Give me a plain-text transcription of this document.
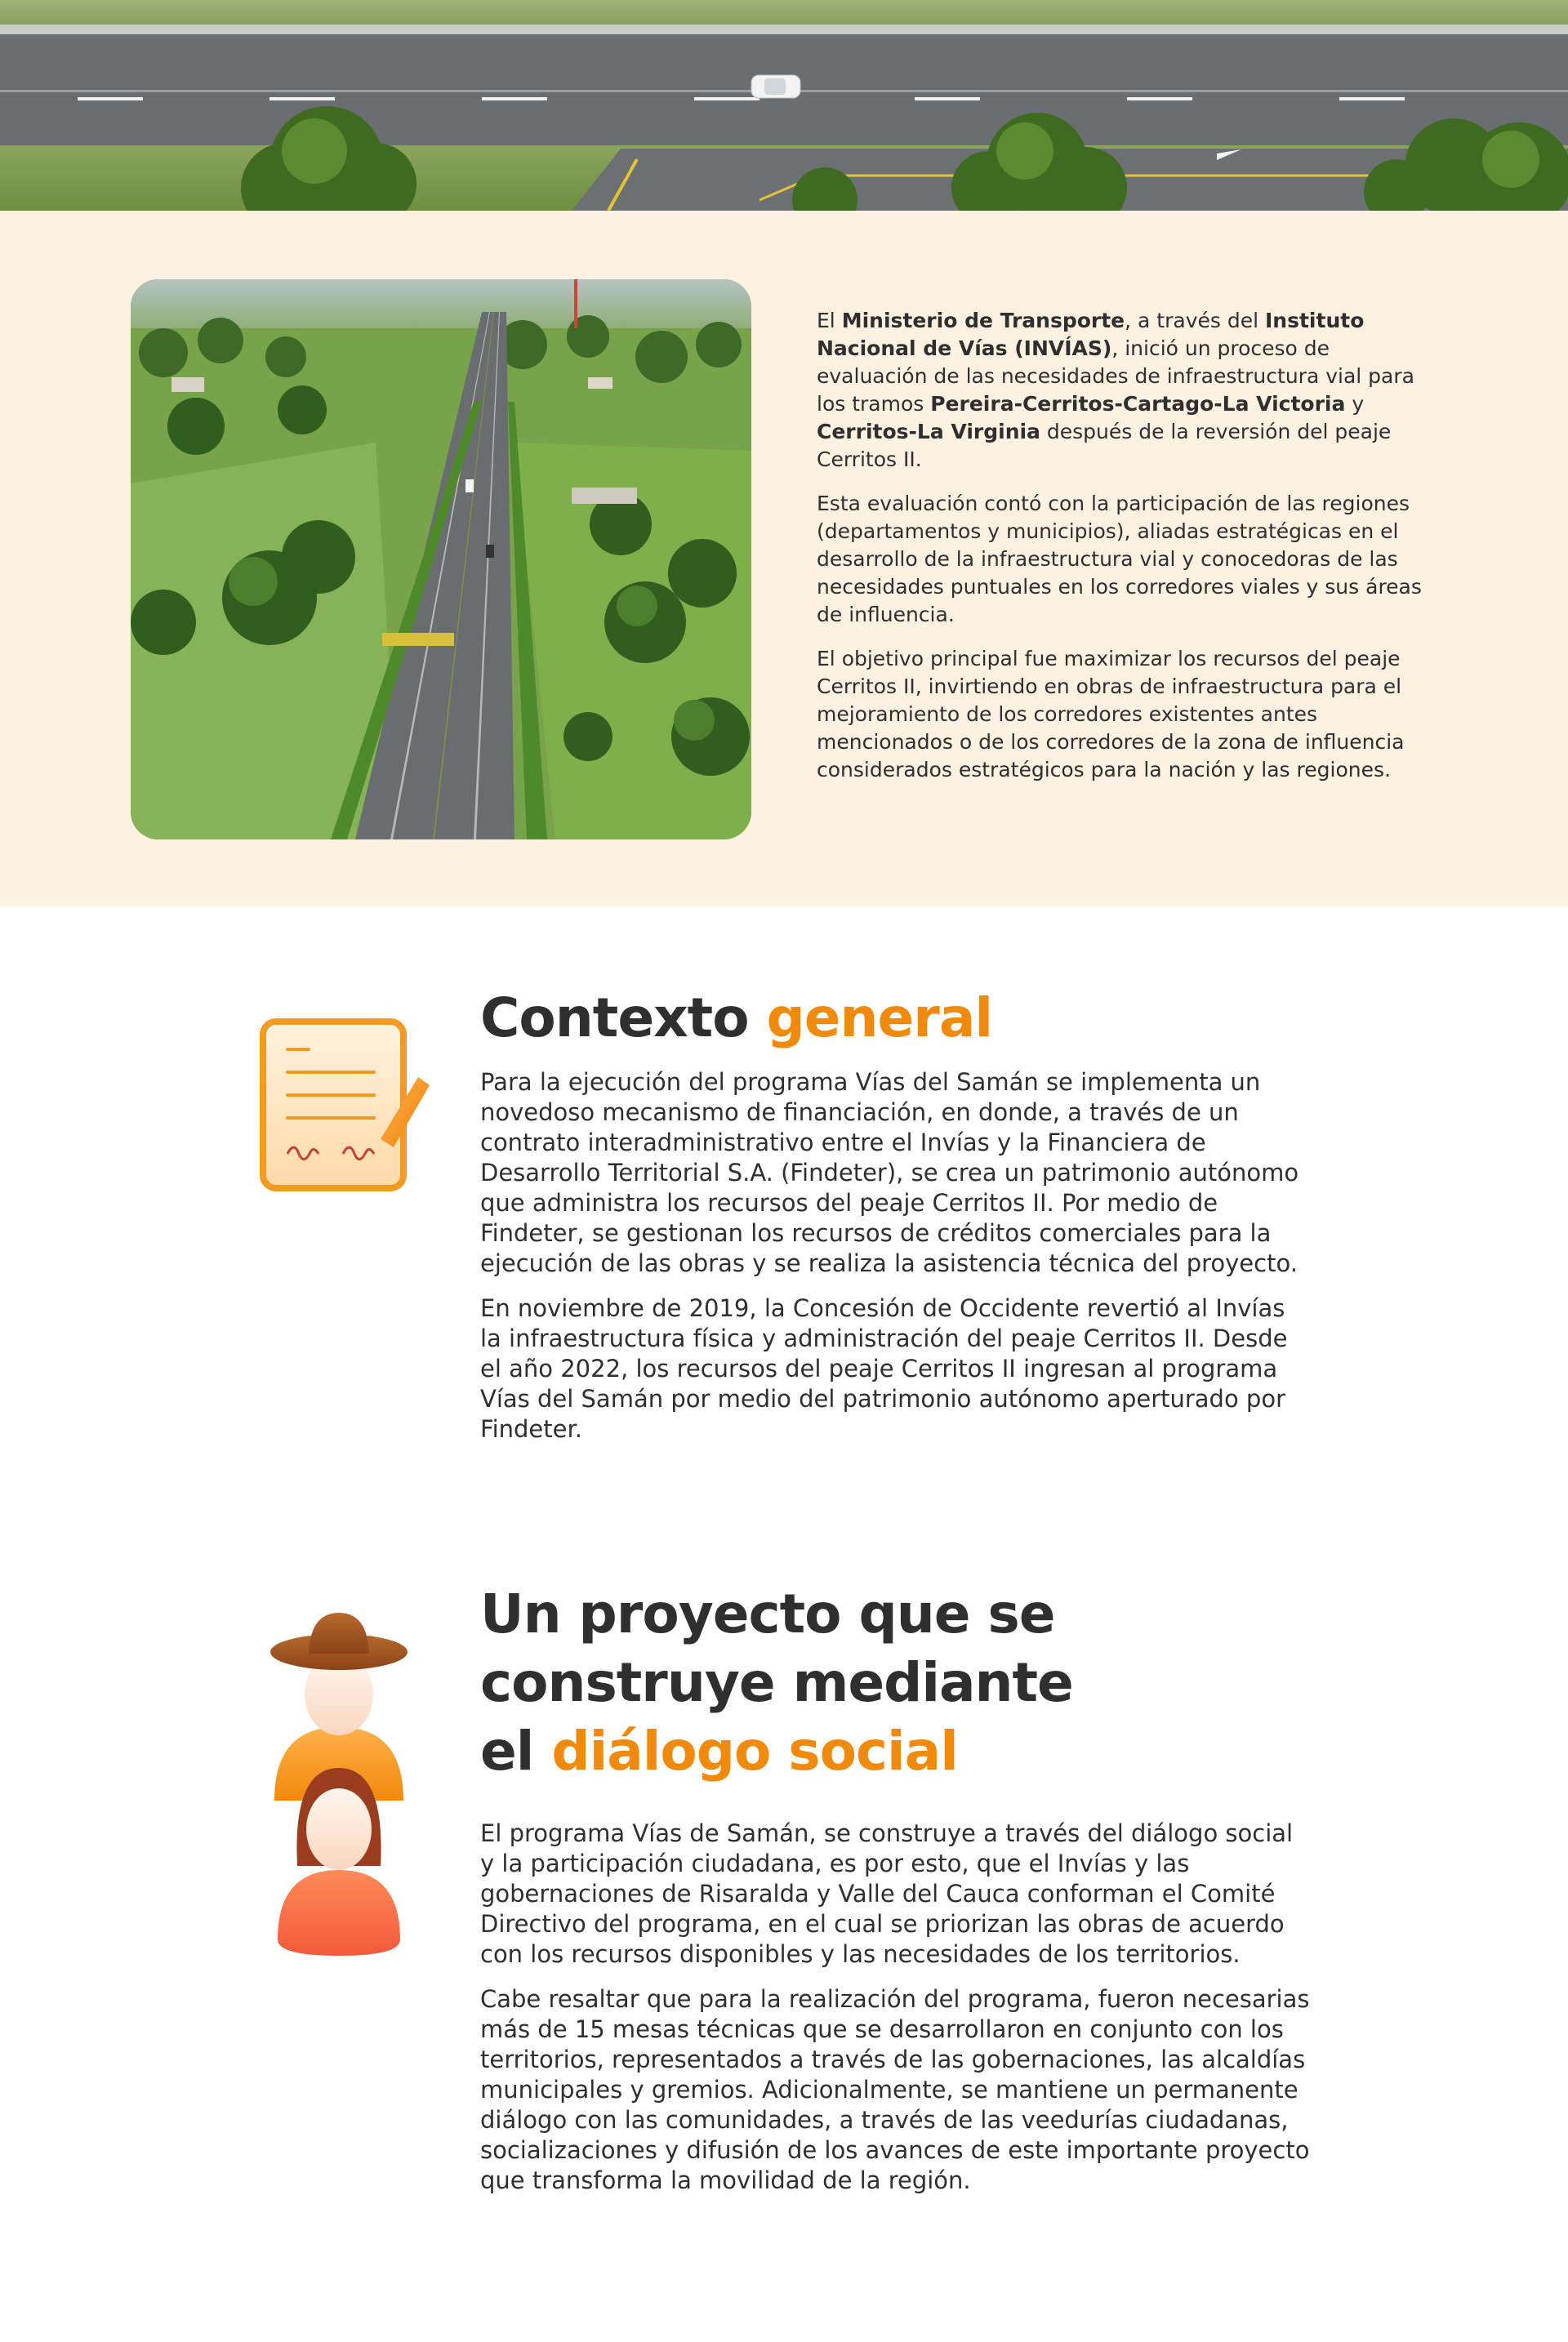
El Ministerio de Transporte, a través del Instituto Nacional de Vías (INVÍAS), inició un proceso de evaluación de las necesidades de infraestructura vial para los tramos Pereira-Cerritos-Cartago-La Victoria y Cerritos-La Virginia después de la reversión del peaje Cerritos II.

Esta evaluación contó con la participación de las regiones (departamentos y municipios), aliadas estratégicas en el desarrollo de la infraestructura vial y conocedoras de las necesidades puntuales en los corredores viales y sus áreas de influencia.

El objetivo principal fue maximizar los recursos del peaje Cerritos II, invirtiendo en obras de infraestructura para el mejoramiento de los corredores existentes antes mencionados o de los corredores de la zona de influencia considerados estratégicos para la nación y las regiones.

Contexto general

Para la ejecución del programa Vías del Samán se implementa un novedoso mecanismo de financiación, en donde, a través de un contrato interadministrativo entre el Invías y la Financiera de Desarrollo Territorial S.A. (Findeter), se crea un patrimonio autónomo que administra los recursos del peaje Cerritos II. Por medio de Findeter, se gestionan los recursos de créditos comerciales para la ejecución de las obras y se realiza la asistencia técnica del proyecto.

En noviembre de 2019, la Concesión de Occidente revertió al Invías la infraestructura física y administración del peaje Cerritos II. Desde el año 2022, los recursos del peaje Cerritos II ingresan al programa Vías del Samán por medio del patrimonio autónomo aperturado por Findeter.

Un proyecto que se
construye mediante
el diálogo social

El programa Vías de Samán, se construye a través del diálogo social y la participación ciudadana, es por esto, que el Invías y las gobernaciones de Risaralda y Valle del Cauca conforman el Comité Directivo del programa, en el cual se priorizan las obras de acuerdo con los recursos disponibles y las necesidades de los territorios.

Cabe resaltar que para la realización del programa, fueron necesarias más de 15 mesas técnicas que se desarrollaron en conjunto con los territorios, representados a través de las gobernaciones, las alcaldías municipales y gremios. Adicionalmente, se mantiene un permanente diálogo con las comunidades, a través de las veedurías ciudadanas, socializaciones y difusión de los avances de este importante proyecto que transforma la movilidad de la región.
